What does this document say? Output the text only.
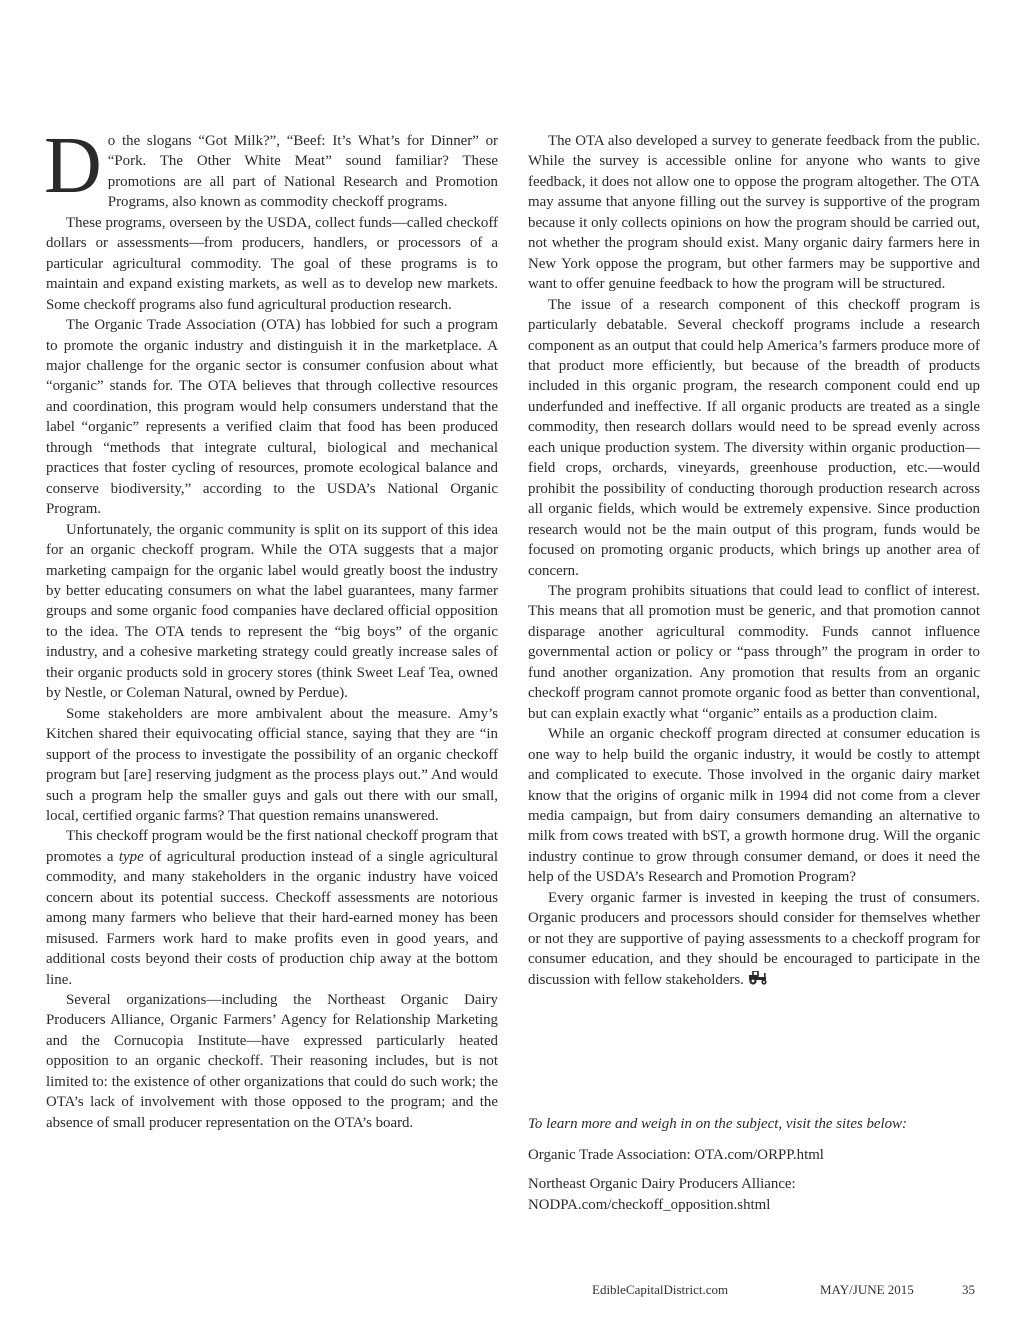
Do the slogans “Got Milk?”, “Beef: It’s What’s for Dinner” or “Pork. The Other White Meat” sound familiar? These promotions are all part of National Research and Promotion Programs, also known as commodity checkoff programs.

These programs, overseen by the USDA, collect funds—called checkoff dollars or assessments—from producers, handlers, or processors of a particular agricultural commodity. The goal of these programs is to maintain and expand existing markets, as well as to develop new markets. Some checkoff programs also fund agricultural production research.

The Organic Trade Association (OTA) has lobbied for such a program to promote the organic industry and distinguish it in the marketplace. A major challenge for the organic sector is consumer confusion about what “organic” stands for. The OTA believes that through collective resources and coordination, this program would help consumers understand that the label “organic” represents a verified claim that food has been produced through “methods that integrate cultural, biological and mechanical practices that foster cycling of resources, promote ecological balance and conserve biodiversity,” according to the USDA’s National Organic Program.

Unfortunately, the organic community is split on its support of this idea for an organic checkoff program. While the OTA suggests that a major marketing campaign for the organic label would greatly boost the industry by better educating consumers on what the label guarantees, many farmer groups and some organic food companies have declared official opposition to the idea. The OTA tends to represent the “big boys” of the organic industry, and a cohesive marketing strategy could greatly increase sales of their organic products sold in grocery stores (think Sweet Leaf Tea, owned by Nestle, or Coleman Natural, owned by Perdue).

Some stakeholders are more ambivalent about the measure. Amy’s Kitchen shared their equivocating official stance, saying that they are “in support of the process to investigate the possibility of an organic checkoff program but [are] reserving judgment as the process plays out.” And would such a program help the smaller guys and gals out there with our small, local, certified organic farms? That question remains unanswered.

This checkoff program would be the first national checkoff program that promotes a type of agricultural production instead of a single agricultural commodity, and many stakeholders in the organic industry have voiced concern about its potential success. Checkoff assessments are notorious among many farmers who believe that their hard-earned money has been misused. Farmers work hard to make profits even in good years, and additional costs beyond their costs of production chip away at the bottom line.

Several organizations—including the Northeast Organic Dairy Producers Alliance, Organic Farmers’ Agency for Relationship Marketing and the Cornucopia Institute—have expressed particularly heated opposition to an organic checkoff. Their reasoning includes, but is not limited to: the existence of other organizations that could do such work; the OTA’s lack of involvement with those opposed to the program; and the absence of small producer representation on the OTA’s board.

The OTA also developed a survey to generate feedback from the public. While the survey is accessible online for anyone who wants to give feedback, it does not allow one to oppose the program altogether. The OTA may assume that anyone filling out the survey is supportive of the program because it only collects opinions on how the program should be carried out, not whether the program should exist. Many organic dairy farmers here in New York oppose the program, but other farmers may be supportive and want to offer genuine feedback to how the program will be structured.

The issue of a research component of this checkoff program is particularly debatable. Several checkoff programs include a research component as an output that could help America’s farmers produce more of that product more efficiently, but because of the breadth of products included in this organic program, the research component could end up underfunded and ineffective. If all organic products are treated as a single commodity, then research dollars would need to be spread evenly across each unique production system. The diversity within organic production—field crops, orchards, vineyards, greenhouse production, etc.—would prohibit the possibility of conducting thorough production research across all organic fields, which would be extremely expensive. Since production research would not be the main output of this program, funds would be focused on promoting organic products, which brings up another area of concern.

The program prohibits situations that could lead to conflict of interest. This means that all promotion must be generic, and that promotion cannot disparage another agricultural commodity. Funds cannot influence governmental action or policy or “pass through” the program in order to fund another organization. Any promotion that results from an organic checkoff program cannot promote organic food as better than conventional, but can explain exactly what “organic” entails as a production claim.

While an organic checkoff program directed at consumer education is one way to help build the organic industry, it would be costly to attempt and complicated to execute. Those involved in the organic dairy market know that the origins of organic milk in 1994 did not come from a clever media campaign, but from dairy consumers demanding an alternative to milk from cows treated with bST, a growth hormone drug. Will the organic industry continue to grow through consumer demand, or does it need the help of the USDA’s Research and Promotion Program?

Every organic farmer is invested in keeping the trust of consumers. Organic producers and processors should consider for themselves whether or not they are supportive of paying assessments to a checkoff program for consumer education, and they should be encouraged to participate in the discussion with fellow stakeholders.

To learn more and weigh in on the subject, visit the sites below:

Organic Trade Association: OTA.com/ORPP.html

Northeast Organic Dairy Producers Alliance:
NODPA.com/checkoff_opposition.shtml

EdibleCapitalDistrict.com	MAY/JUNE 2015	35
